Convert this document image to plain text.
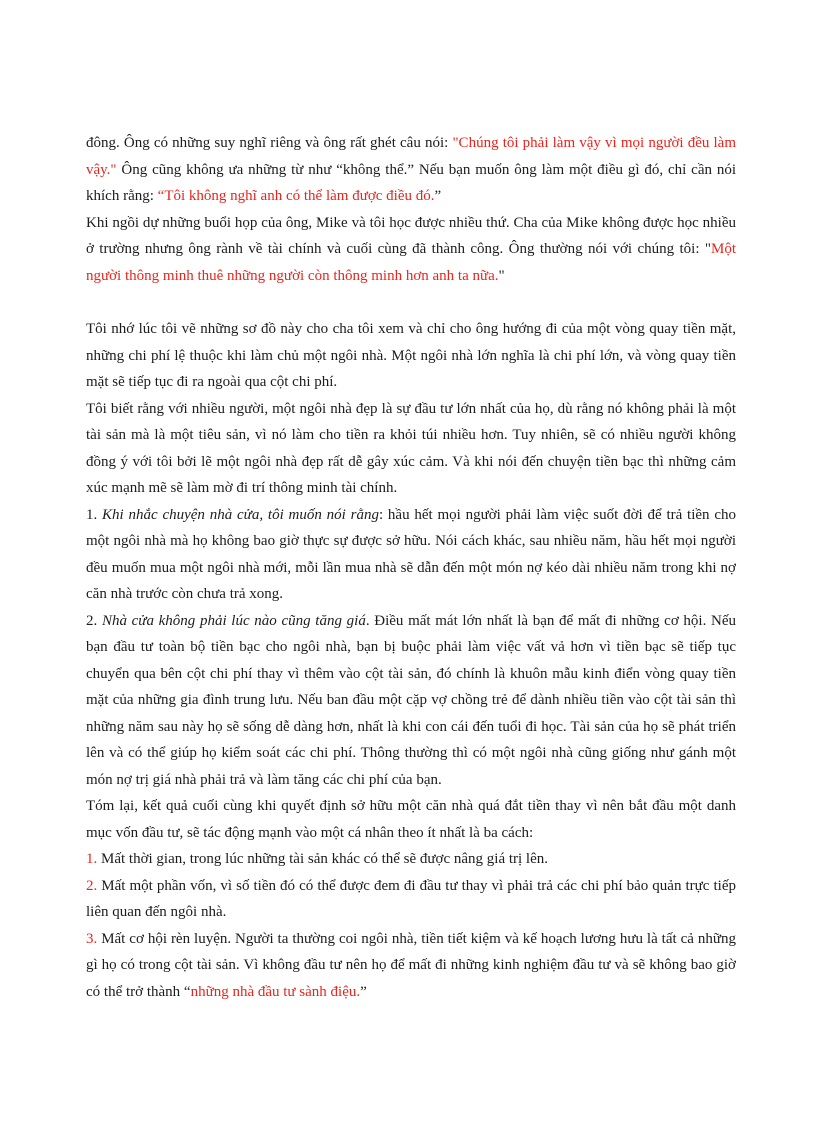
đông. Ông có những suy nghĩ riêng và ông rất ghét câu nói: "Chúng tôi phải làm vậy vì mọi người đều làm vậy." Ông cũng không ưa những từ như “không thể.” Nếu bạn muốn ông làm một điều gì đó, chỉ cần nói khích rằng: “Tôi không nghĩ anh có thể làm được điều đó.”

Khi ngồi dự những buổi họp của ông, Mike và tôi học được nhiều thứ. Cha của Mike không được học nhiều ở trường nhưng ông rành về tài chính và cuối cùng đã thành công. Ông thường nói với chúng tôi: "Một người thông minh thuê những người còn thông minh hơn anh ta nữa."

Tôi nhớ lúc tôi vẽ những sơ đồ này cho cha tôi xem và chỉ cho ông hướng đi của một vòng quay tiền mặt, những chi phí lệ thuộc khi làm chủ một ngôi nhà. Một ngôi nhà lớn nghĩa là chi phí lớn, và vòng quay tiền mặt sẽ tiếp tục đi ra ngoài qua cột chi phí.

Tôi biết rằng với nhiều người, một ngôi nhà đẹp là sự đầu tư lớn nhất của họ, dù rằng nó không phải là một tài sản mà là một tiêu sản, vì nó làm cho tiền ra khỏi túi nhiều hơn. Tuy nhiên, sẽ có nhiều người không đồng ý với tôi bởi lẽ một ngôi nhà đẹp rất dễ gây xúc cảm. Và khi nói đến chuyện tiền bạc thì những cảm xúc mạnh mẽ sẽ làm mờ đi trí thông minh tài chính.

1. Khi nhắc chuyện nhà cửa, tôi muốn nói rằng: hầu hết mọi người phải làm việc suốt đời để trả tiền cho một ngôi nhà mà họ không bao giờ thực sự được sở hữu. Nói cách khác, sau nhiều năm, hầu hết mọi người đều muốn mua một ngôi nhà mới, mỗi lần mua nhà sẽ dẫn đến một món nợ kéo dài nhiều năm trong khi nợ căn nhà trước còn chưa trả xong.

2. Nhà cửa không phải lúc nào cũng tăng giá. Điều mất mát lớn nhất là bạn để mất đi những cơ hội. Nếu bạn đầu tư toàn bộ tiền bạc cho ngôi nhà, bạn bị buộc phải làm việc vất vả hơn vì tiền bạc sẽ tiếp tục chuyển qua bên cột chi phí thay vì thêm vào cột tài sản, đó chính là khuôn mẫu kinh điển vòng quay tiền mặt của những gia đình trung lưu. Nếu ban đầu một cặp vợ chồng trẻ để dành nhiều tiền vào cột tài sản thì những năm sau này họ sẽ sống dễ dàng hơn, nhất là khi con cái đến tuổi đi học. Tài sản của họ sẽ phát triển lên và có thể giúp họ kiểm soát các chi phí. Thông thường thì có một ngôi nhà cũng giống như gánh một món nợ trị giá nhà phải trả và làm tăng các chi phí của bạn.

Tóm lại, kết quả cuối cùng khi quyết định sở hữu một căn nhà quá đắt tiền thay vì nên bắt đầu một danh mục vốn đầu tư, sẽ tác động mạnh vào một cá nhân theo ít nhất là ba cách:

1. Mất thời gian, trong lúc những tài sản khác có thể sẽ được nâng giá trị lên.

2. Mất một phần vốn, vì số tiền đó có thể được đem đi đầu tư thay vì phải trả các chi phí bảo quản trực tiếp liên quan đến ngôi nhà.

3. Mất cơ hội rèn luyện. Người ta thường coi ngôi nhà, tiền tiết kiệm và kế hoạch lương hưu là tất cả những gì họ có trong cột tài sản. Vì không đầu tư nên họ để mất đi những kinh nghiệm đầu tư và sẽ không bao giờ có thể trở thành “những nhà đầu tư sành điệu.”
